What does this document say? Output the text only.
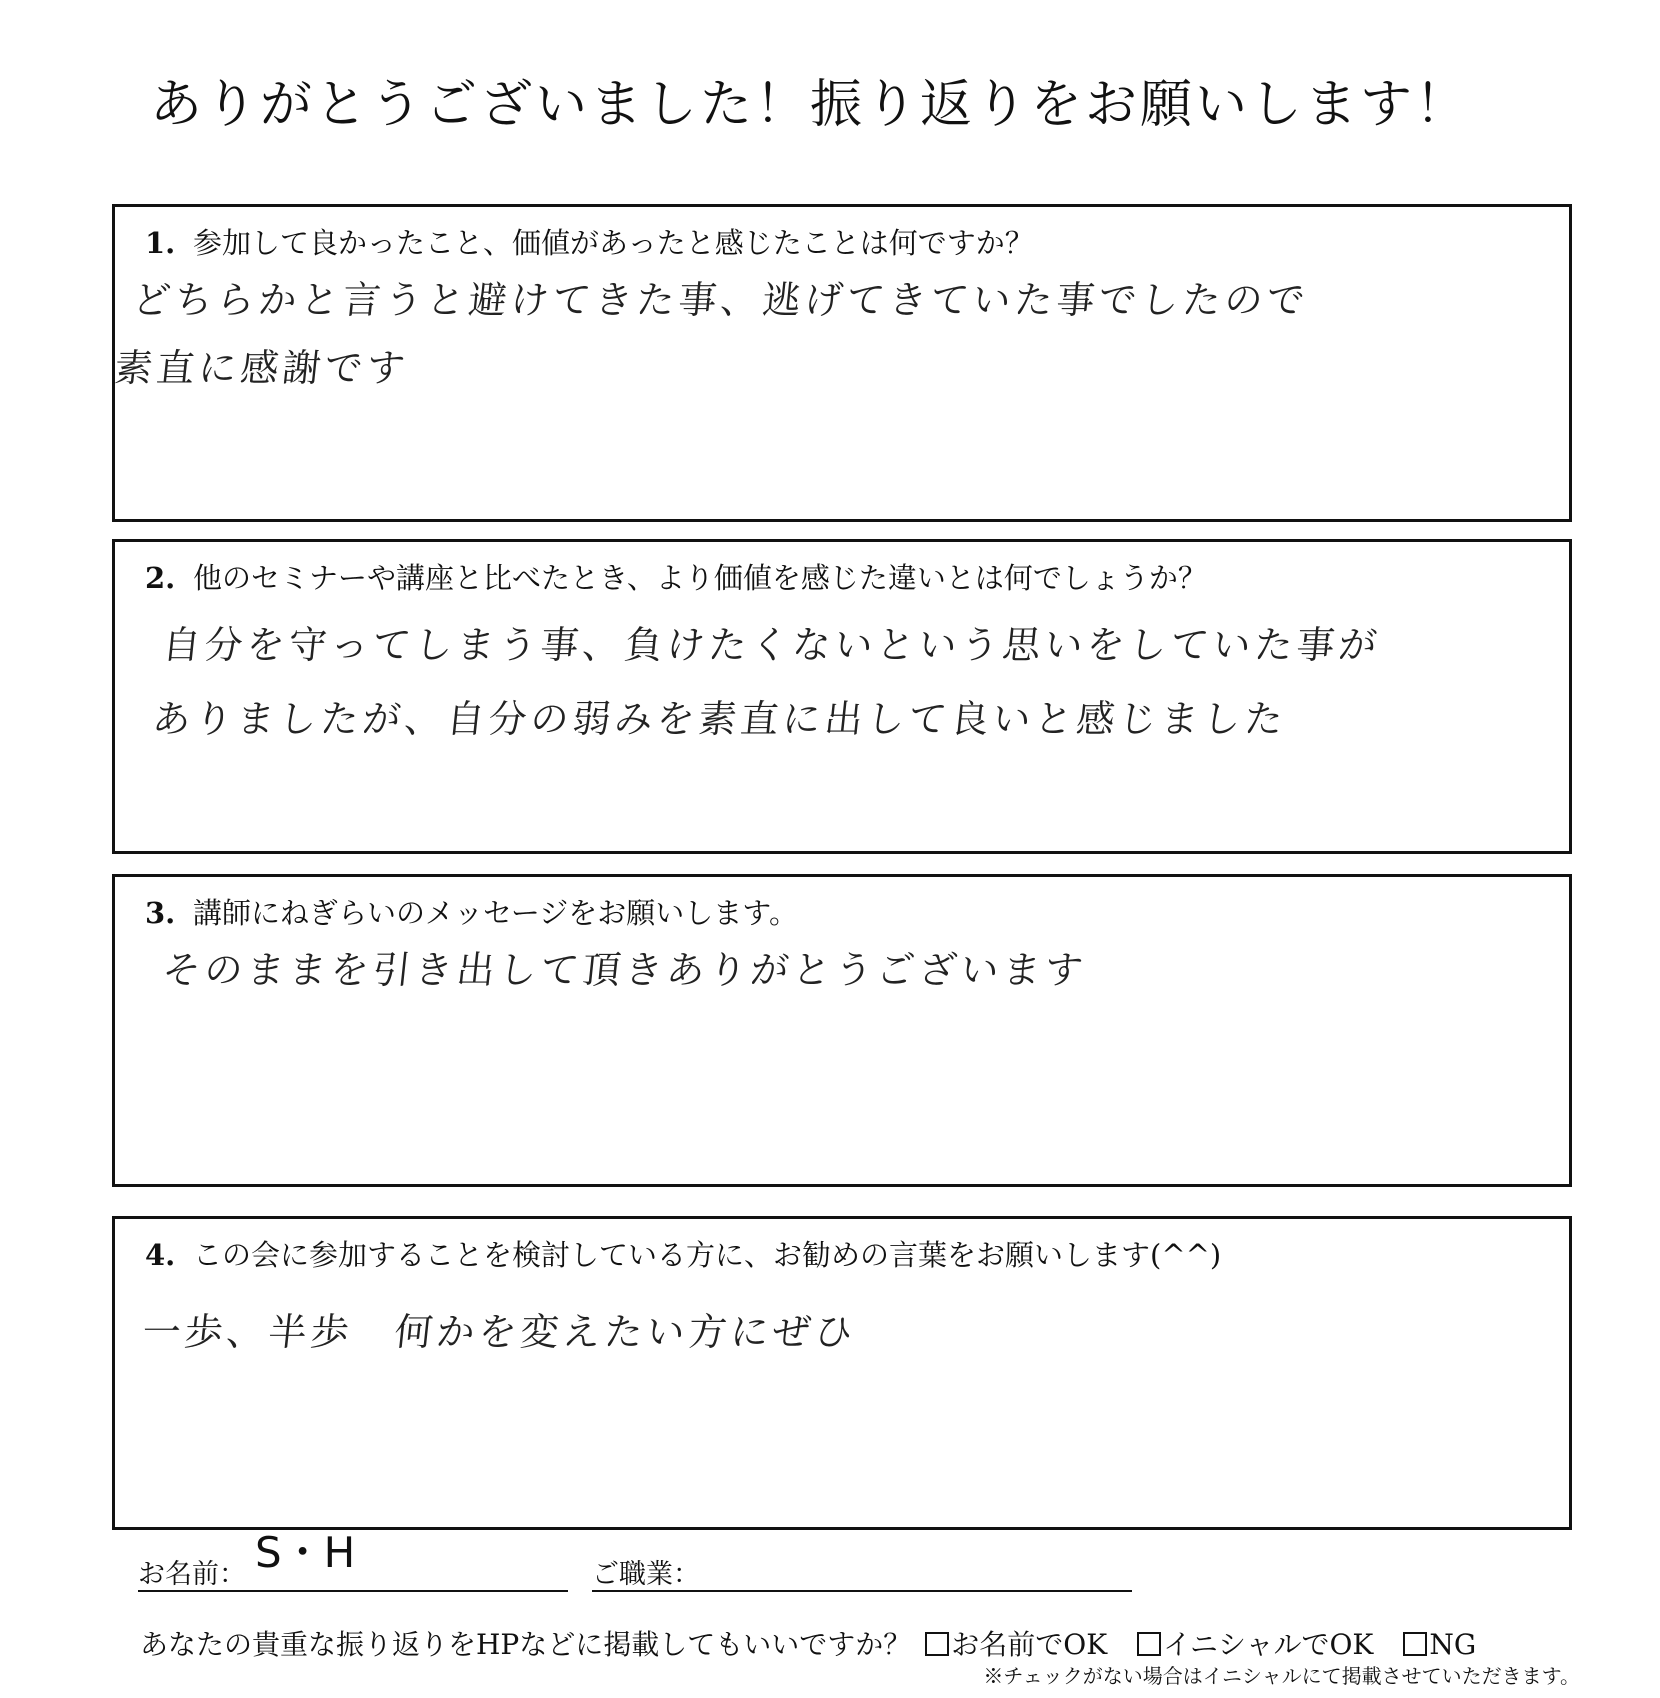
ありがとうございました！振り返りをお願いします！
1. 参加して良かったこと、価値があったと感じたことは何ですか？
どちらかと言うと避けてきた事、逃げてきていた事でしたので
素直に感謝です
2. 他のセミナーや講座と比べたとき、より価値を感じた違いとは何でしょうか？
自分を守ってしまう事、負けたくないという思いをしていた事が
ありましたが、自分の弱みを素直に出して良いと感じました
3. 講師にねぎらいのメッセージをお願いします。
そのままを引き出して頂きありがとうございます
4. この会に参加することを検討している方に、お勧めの言葉をお願いします(^^)
一歩、半歩　何かを変えたい方にぜひ
S・H
お名前：	ご職業：
あなたの貴重な振り返りをHPなどに掲載してもいいですか？ お名前でOK イニシャルでOK NG
※チェックがない場合はイニシャルにて掲載させていただきます。
